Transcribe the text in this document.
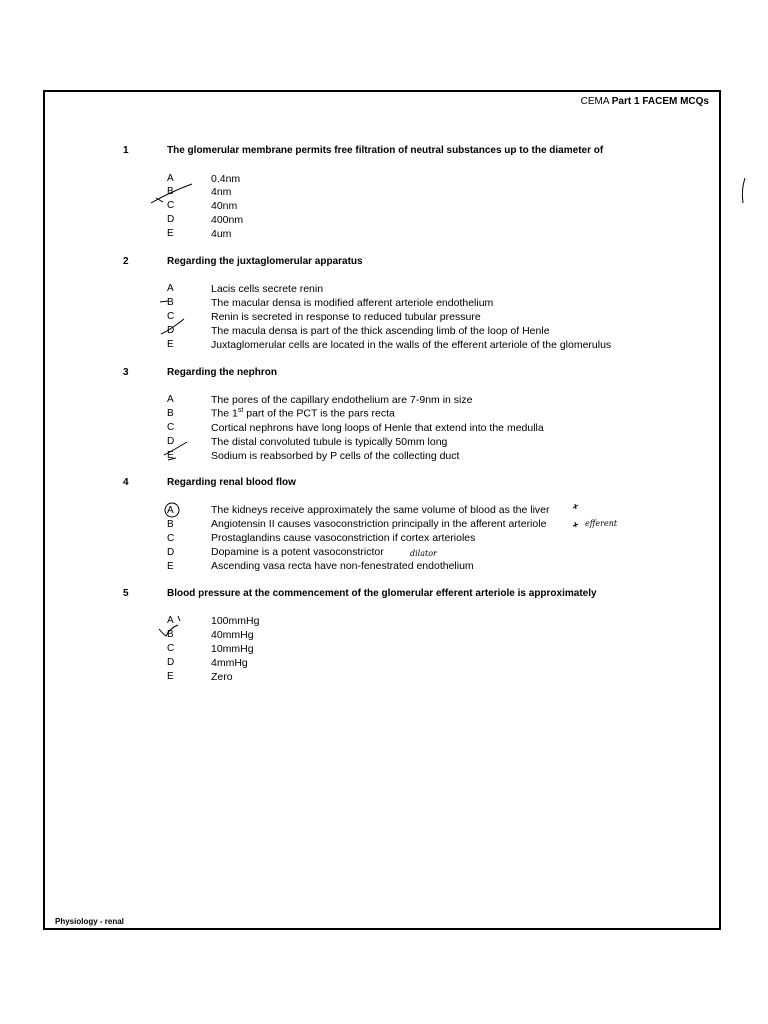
CEMA Part 1 FACEM MCQs
Physiology - renal
1	The glomerular membrane permits free filtration of neutral substances up to the diameter of
A	0.4nm
B	4nm
C	40nm
D	400nm
E	4um
2	Regarding the juxtaglomerular apparatus
A	Lacis cells secrete renin
B	The macular densa is modified afferent arteriole endothelium
C	Renin is secreted in response to reduced tubular pressure
D	The macula densa is part of the thick ascending limb of the loop of Henle
E	Juxtaglomerular cells are located in the walls of the efferent arteriole of the glomerulus
3	Regarding the nephron
A	The pores of the capillary endothelium are 7-9nm in size
B	The 1st part of the PCT is the pars recta
C	Cortical nephrons have long loops of Henle that extend into the medulla
D	The distal convoluted tubule is typically 50mm long
E	Sodium is reabsorbed by P cells of the collecting duct
4	Regarding renal blood flow
A	The kidneys receive approximately the same volume of blood as the liver
B	Angiotensin II causes vasoconstriction principally in the afferent arteriole
C	Prostaglandins cause vasoconstriction if cortex arterioles
D	Dopamine is a potent vasoconstrictor
E	Ascending vasa recta have non-fenestrated endothelium
5	Blood pressure at the commencement of the glomerular efferent arteriole is approximately
A	100mmHg
B	40mmHg
C	10mmHg
D	4mmHg
E	Zero
efferent
dilator
